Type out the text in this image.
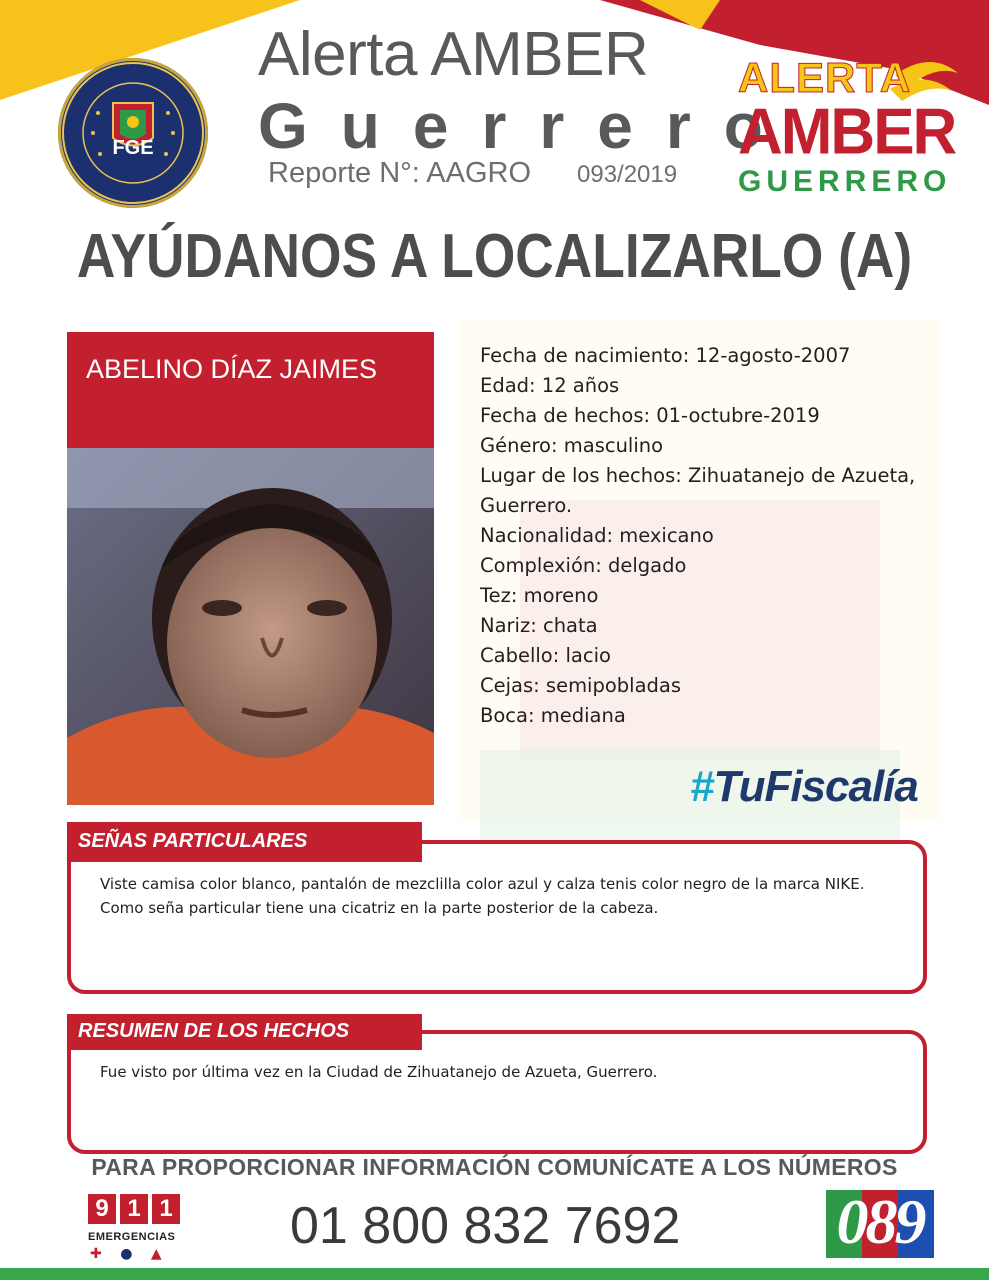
FGE
Alerta AMBER
Guerrero
Reporte N°: AAGRO 093/2019
ALERTA
AMBER
GUERRERO
AYÚDANOS A LOCALIZARLO (A)
ABELINO DÍAZ JAIMES	Fecha de nacimiento: 12-agosto-2007
Edad: 12 años
Fecha de hechos: 01-octubre-2019
Género: masculino
Lugar de los hechos: Zihuatanejo de Azueta,
Guerrero.
Nacionalidad: mexicano
Complexión: delgado
Tez: moreno
Nariz: chata
Cabello: lacio
Cejas: semipobladas
Boca: mediana
#TuFiscalía
SEÑAS PARTICULARES
Viste camisa color blanco, pantalón de mezclilla color azul y calza tenis color negro de la marca NIKE.
Como seña particular tiene una cicatriz en la parte posterior de la cabeza.
RESUMEN DE LOS HECHOS
Fue visto por última vez en la Ciudad de Zihuatanejo de Azueta, Guerrero.
PARA PROPORCIONAR INFORMACIÓN COMUNÍCATE A LOS NÚMEROS
9 1 1
EMERGENCIAS
✚ ● ▲ 01 800 832 7692 089
